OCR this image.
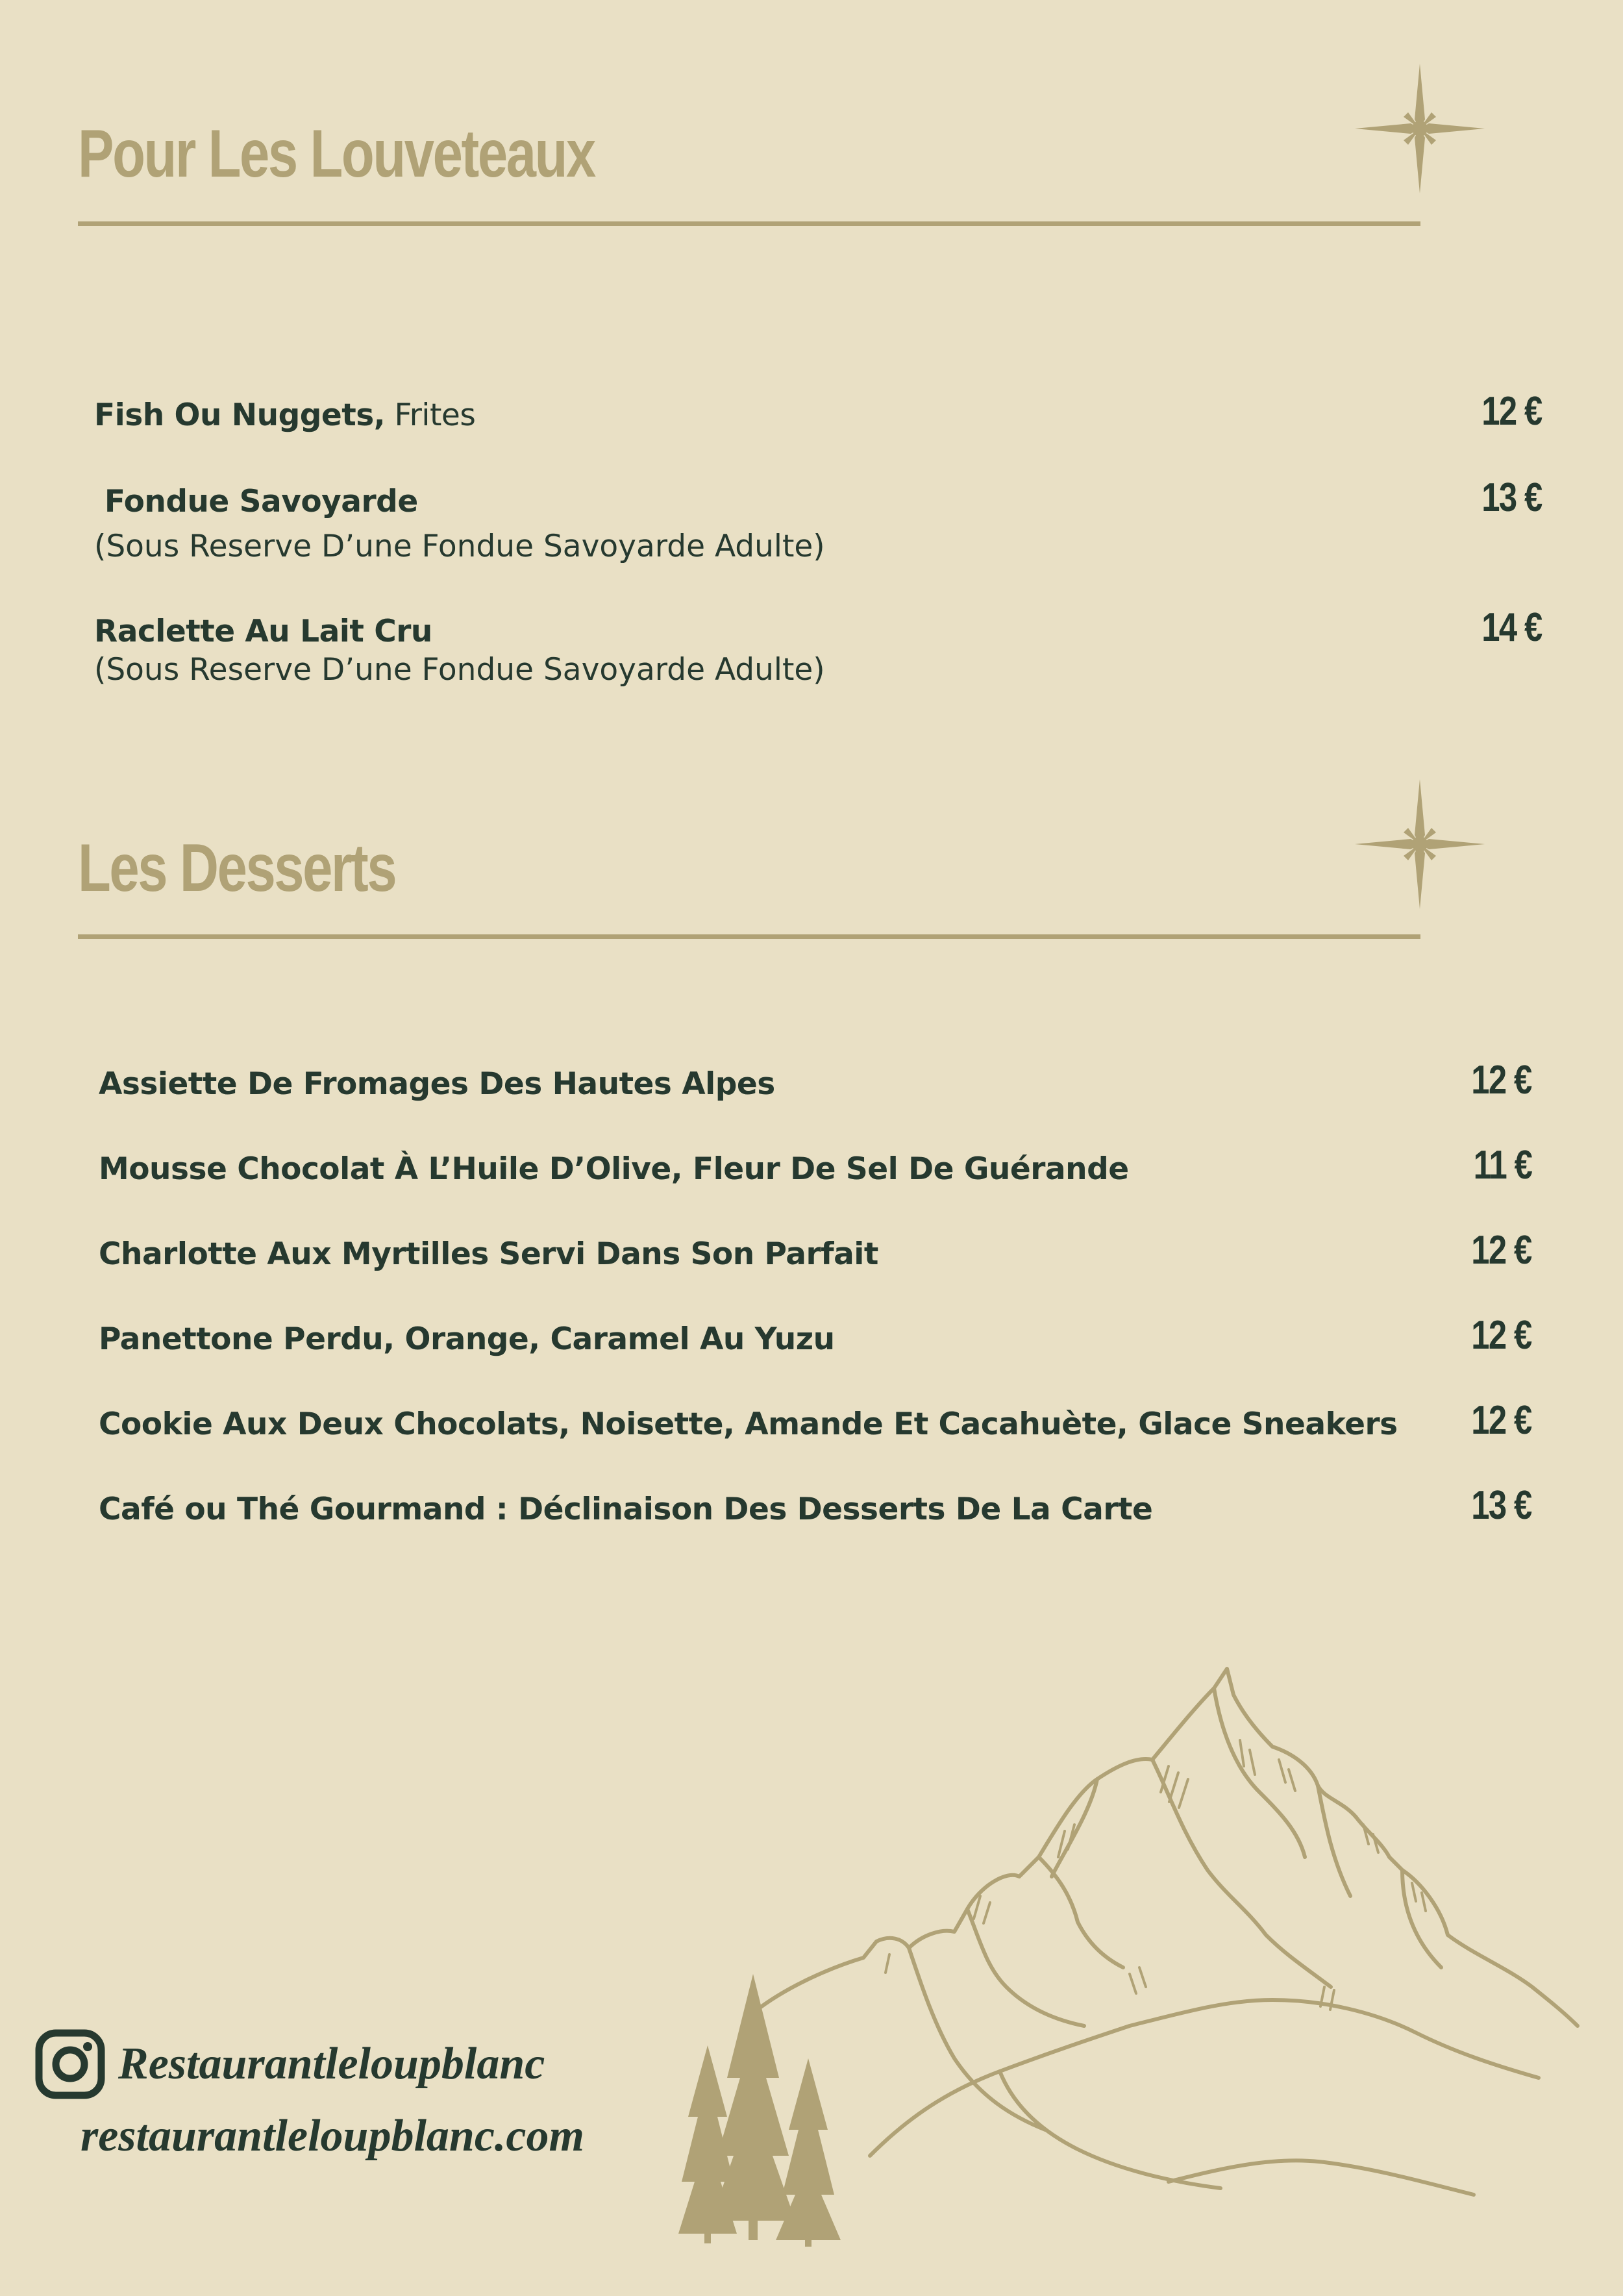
Pour Les Louveteaux
Fish Ou Nuggets, Frites	12 €
Fondue Savoyarde
(Sous Reserve D’une Fondue Savoyarde Adulte)
13 €
Raclette Au Lait Cru
(Sous Reserve D’une Fondue Savoyarde Adulte)
14 €
Les Desserts
Assiette De Fromages Des Hautes Alpes	12 €
Mousse Chocolat À L’Huile D’Olive, Fleur De Sel De Guérande	11 €
Charlotte Aux Myrtilles Servi Dans Son Parfait	12 €
Panettone Perdu, Orange, Caramel Au Yuzu	12 €
Cookie Aux Deux Chocolats, Noisette, Amande Et Cacahuète, Glace Sneakers	12 €
Café ou Thé Gourmand : Déclinaison Des Desserts De La Carte	13 €
Restaurantleloupblanc
restaurantleloupblanc.com
